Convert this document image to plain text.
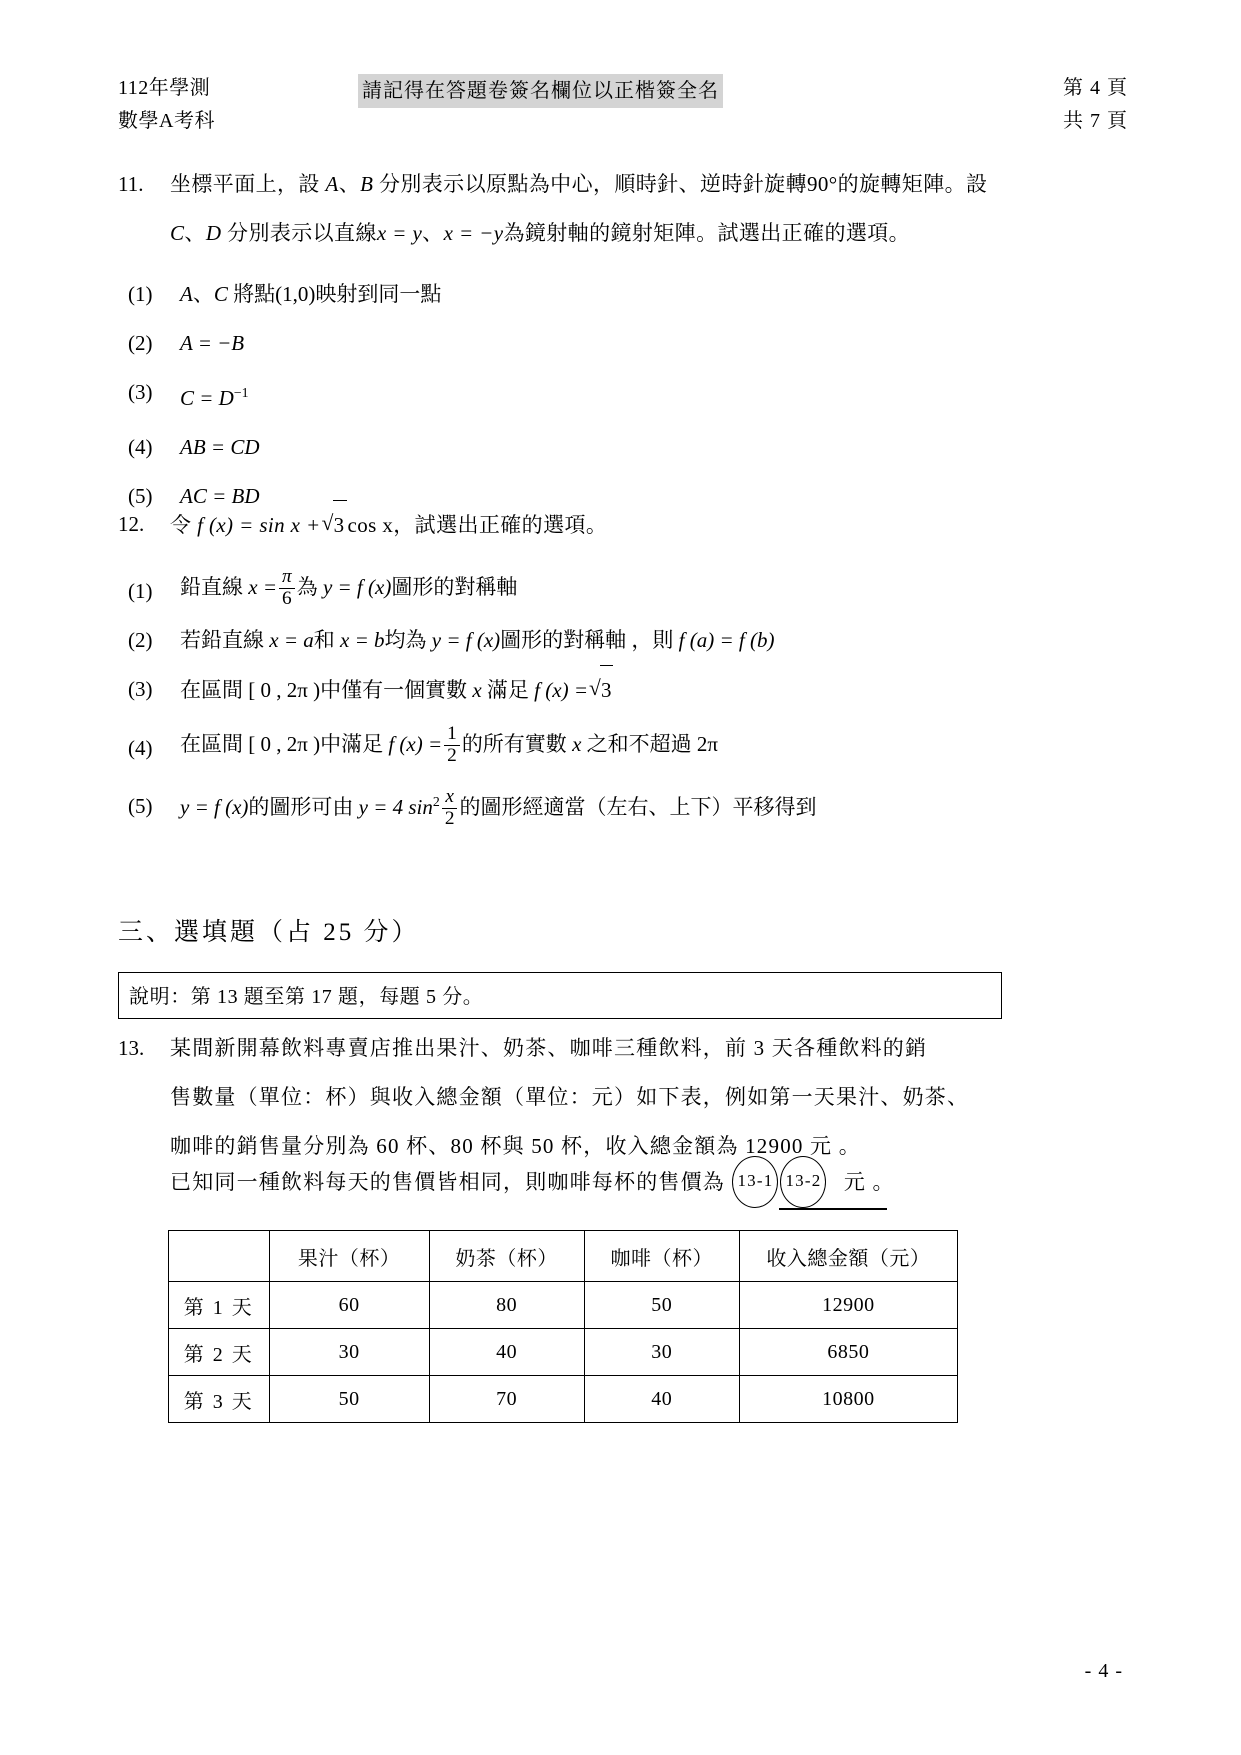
112年學測
數學A考科
請記得在答題卷簽名欄位以正楷簽全名	第 4 頁
共 7 頁
11.	坐標平面上，設 A、B 分別表示以原點為中心，順時針、逆時針旋轉90°的旋轉矩陣。設 C、D 分別表示以直線x = y、x = −y為鏡射軸的鏡射矩陣。試選出正確的選項。
(1) A、C 將點(1,0)映射到同一點
(2) A = −B
(3) $C = D^{-1}$
(4) AB = CD
(5) AC = BD
12.	令 f (x) = sin x + √ 3 cos x，試選出正確的選項。
(1) 鉛直線 $x = \frac{\pi}{6}$ 為 y = f (x)圖形的對稱軸
(2) 若鉛直線 x = a和 x = b均為 y = f (x)圖形的對稱軸 ，則 f (a) = f (b)
(3) 在區間 [ 0 , 2π )中僅有一個實數 x 滿足 f (x) = √ 3
(4) 在區間 [ 0 , 2π )中滿足 f $(x) = \frac{1}{2}$ 的所有實數 x 之和不超過 2π
(5) y = f (x)的圖形可由 y = 4 $\sin^2 \frac{x}{2}$ 的圖形經適當（左右、上下）平移得到
三、選填題（占 25 分）
說明：第 13 題至第 17 題，每題 5 分。
13.	某間新開幕飲料專賣店推出果汁、奶茶、咖啡三種飲料，前 3 天各種飲料的銷
售數量（單位：杯）與收入總金額（單位：元）如下表，例如第一天果汁、奶茶、
咖啡的銷售量分別為 60 杯、80 杯與 50 杯，收入總金額為 12900 元 。
已知同一種飲料每天的售價皆相同，則咖啡每杯的售價為 13-1 13-2 元 。
	果汁（杯）	奶茶（杯）	咖啡（杯）	收入總金額（元）
第 1 天	60	80	50	12900
第 2 天	30	40	30	6850
第 3 天	50	70	40	10800
- 4 -
